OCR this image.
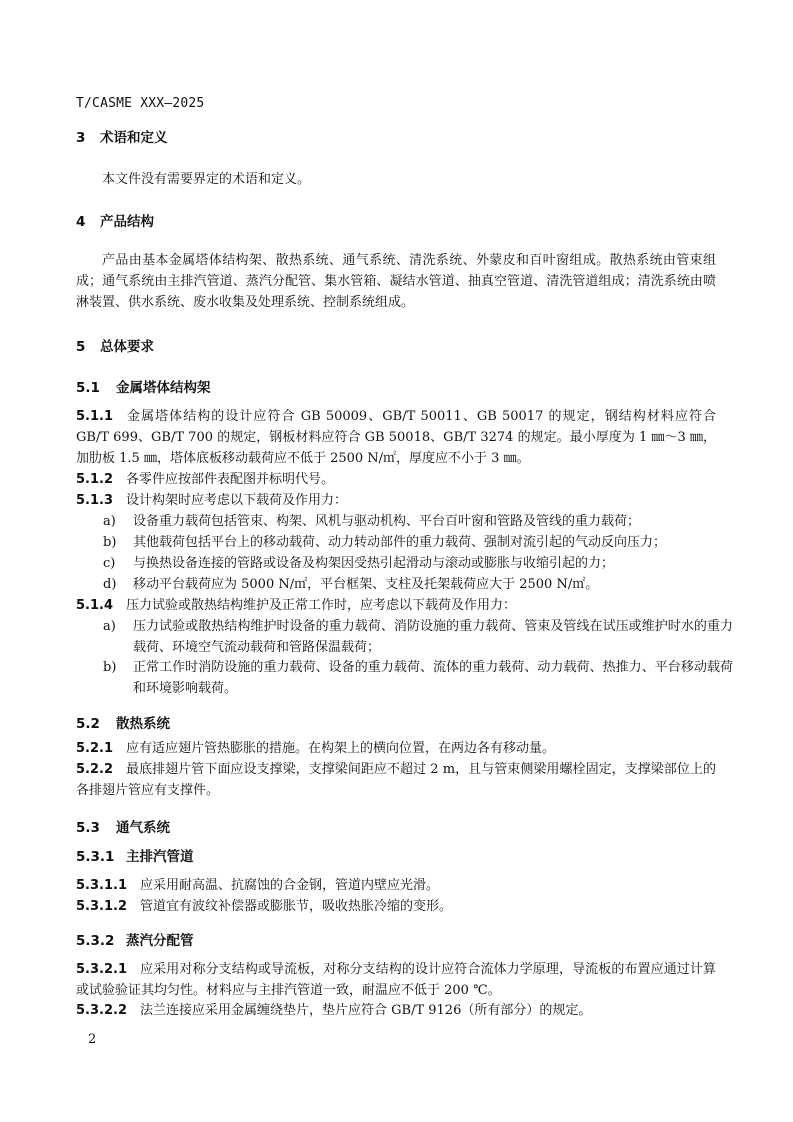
T/CASME XXX—2025
3 术语和定义
本文件没有需要界定的术语和定义。
4 产品结构
产品由基本金属塔体结构架、散热系统、通气系统、清洗系统、外蒙皮和百叶窗组成。散热系统由管束组成；通气系统由主排汽管道、蒸汽分配管、集水管箱、凝结水管道、抽真空管道、清洗管道组成；清洗系统由喷淋装置、供水系统、废水收集及处理系统、控制系统组成。
5 总体要求
5.1 金属塔体结构架
5.1.1 金属塔体结构的设计应符合 GB 50009、GB/T 50011、GB 50017 的规定，钢结构材料应符合 GB/T 699、GB/T 700 的规定，钢板材料应符合 GB 50018、GB/T 3274 的规定。最小厚度为 1 ㎜～3 ㎜，加肋板 1.5 ㎜，塔体底板移动载荷应不低于 2500 N/㎡，厚度应不小于 3 ㎜。
5.1.2 各零件应按部件表配图并标明代号。
5.1.3 设计构架时应考虑以下载荷及作用力：
a)	设备重力载荷包括管束、构架、风机与驱动机构、平台百叶窗和管路及管线的重力载荷；
b)	其他载荷包括平台上的移动载荷、动力转动部件的重力载荷、强制对流引起的气动反向压力；
c)	与换热设备连接的管路或设备及构架因受热引起滑动与滚动或膨胀与收缩引起的力；
d)	移动平台载荷应为 5000 N/㎡，平台框架、支柱及托架载荷应大于 2500 N/㎡。
5.1.4 压力试验或散热结构维护及正常工作时，应考虑以下载荷及作用力：
a)	压力试验或散热结构维护时设备的重力载荷、消防设施的重力载荷、管束及管线在试压或维护时水的重力载荷、环境空气流动载荷和管路保温载荷；
b)	正常工作时消防设施的重力载荷、设备的重力载荷、流体的重力载荷、动力载荷、热推力、平台移动载荷和环境影响载荷。
5.2 散热系统
5.2.1 应有适应翅片管热膨胀的措施。在构架上的横向位置，在两边各有移动量。
5.2.2 最底排翅片管下面应设支撑梁，支撑梁间距应不超过 2 m，且与管束侧梁用螺栓固定，支撑梁部位上的各排翅片管应有支撑件。
5.3 通气系统
5.3.1 主排汽管道
5.3.1.1 应采用耐高温、抗腐蚀的合金钢，管道内壁应光滑。
5.3.1.2 管道宜有波纹补偿器或膨胀节，吸收热胀冷缩的变形。
5.3.2 蒸汽分配管
5.3.2.1 应采用对称分支结构或导流板，对称分支结构的设计应符合流体力学原理，导流板的布置应通过计算或试验验证其均匀性。材料应与主排汽管道一致，耐温应不低于 200 ℃。
5.3.2.2 法兰连接应采用金属缠绕垫片，垫片应符合 GB/T 9126（所有部分）的规定。
2
